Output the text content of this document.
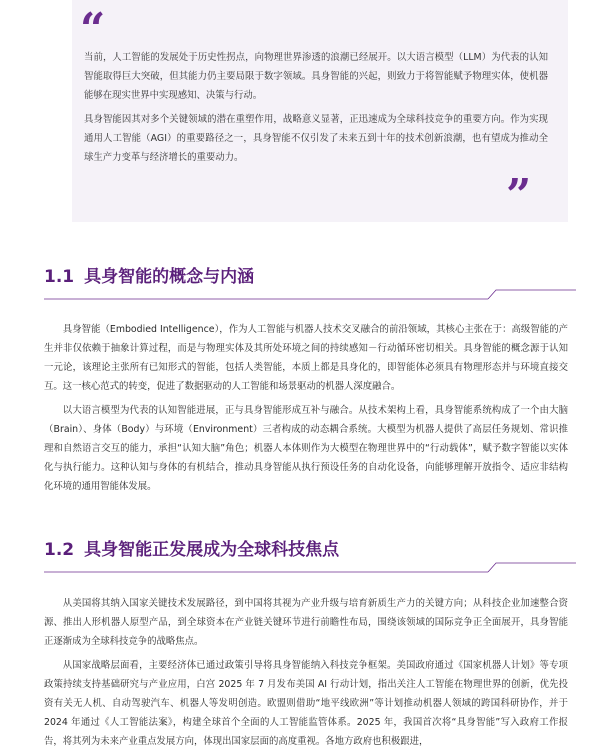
“

当前，人工智能的发展处于历史性拐点，向物理世界渗透的浪潮已经展开。以大语言模型（LLM）为代表的认知智能取得巨大突破，但其能力仍主要局限于数字领域。具身智能的兴起，则致力于将智能赋予物理实体，使机器能够在现实世界中实现感知、决策与行动。

具身智能因其对多个关键领域的潜在重塑作用，战略意义显著，正迅速成为全球科技竞争的重要方向。作为实现通用人工智能（AGI）的重要路径之一，具身智能不仅引发了未来五到十年的技术创新浪潮，也有望成为推动全球生产力变革与经济增长的重要动力。

”
1.1 具身智能的概念与内涵

具身智能（Embodied Intelligence），作为人工智能与机器人技术交叉融合的前沿领域，其核心主张在于：高级智能的产生并非仅依赖于抽象计算过程，而是与物理实体及其所处环境之间的持续感知－行动循环密切相关。具身智能的概念源于认知一元论，该理论主张所有已知形式的智能，包括人类智能，本质上都是具身化的，即智能体必须具有物理形态并与环境直接交互。这一核心范式的转变，促进了数据驱动的人工智能和场景驱动的机器人深度融合。

以大语言模型为代表的认知智能进展，正与具身智能形成互补与融合。从技术架构上看，具身智能系统构成了一个由大脑（Brain）、身体（Body）与环境（Environment）三者构成的动态耦合系统。大模型为机器人提供了高层任务规划、常识推理和自然语言交互的能力，承担“认知大脑”角色；机器人本体则作为大模型在物理世界中的“行动载体”，赋予数字智能以实体化与执行能力。这种认知与身体的有机结合，推动具身智能从执行预设任务的自动化设备，向能够理解开放指令、适应非结构化环境的通用智能体发展。

1.2 具身智能正发展成为全球科技焦点

从美国将其纳入国家关键技术发展路径，到中国将其视为产业升级与培育新质生产力的关键方向；从科技企业加速整合资源、推出人形机器人原型产品，到全球资本在产业链关键环节进行前瞻性布局，围绕该领域的国际竞争正全面展开，具身智能正逐渐成为全球科技竞争的战略焦点。

从国家战略层面看，主要经济体已通过政策引导将具身智能纳入科技竞争框架。美国政府通过《国家机器人计划》等专项政策持续支持基础研究与产业应用，白宫 2025 年 7 月发布美国 AI 行动计划，指出关注人工智能在物理世界的创新，优先投资有关无人机、自动驾驶汽车、机器人等发明创造。欧盟则借助“地平线欧洲”等计划推动机器人领域的跨国科研协作，并于 2024 年通过《人工智能法案》，构建全球首个全面的人工智能监管体系。2025 年，我国首次将“具身智能”写入政府工作报告，将其列为未来产业重点发展方向，体现出国家层面的高度重视。各地方政府也积极跟进，
